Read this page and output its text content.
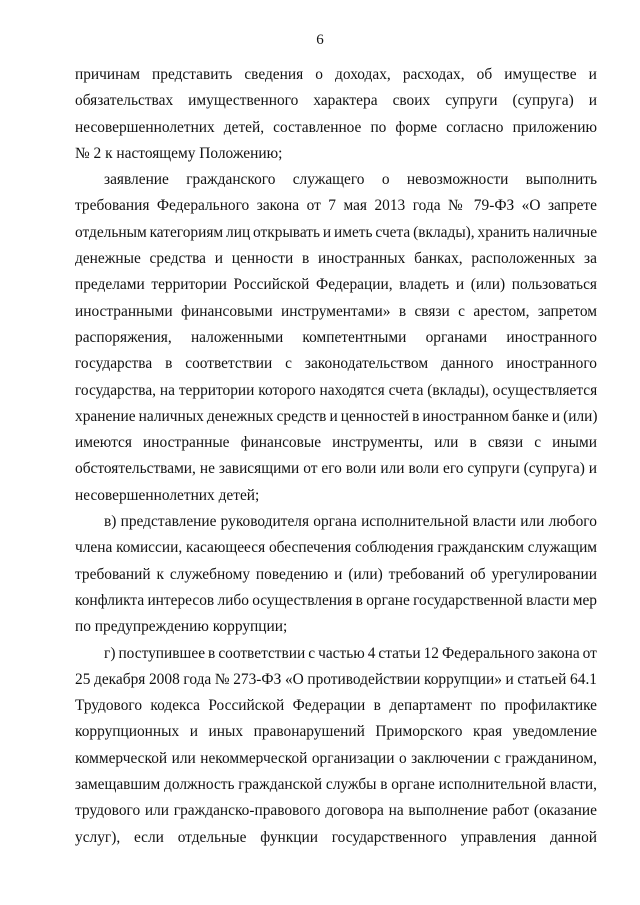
6
причинам представить сведения о доходах, расходах, об имуществе и
обязательствах имущественного характера своих супруги (супруга) и
несовершеннолетних детей, составленное по форме согласно приложению
№ 2 к настоящему Положению;
заявление гражданского служащего о невозможности выполнить
требования Федерального закона от 7 мая 2013 года № 79-ФЗ «О запрете
отдельным категориям лиц открывать и иметь счета (вклады), хранить наличные
денежные средства и ценности в иностранных банках, расположенных за
пределами территории Российской Федерации, владеть и (или) пользоваться
иностранными финансовыми инструментами» в связи с арестом, запретом
распоряжения, наложенными компетентными органами иностранного
государства в соответствии с законодательством данного иностранного
государства, на территории которого находятся счета (вклады), осуществляется
хранение наличных денежных средств и ценностей в иностранном банке и (или)
имеются иностранные финансовые инструменты, или в связи с иными
обстоятельствами, не зависящими от его воли или воли его супруги (супруга) и
несовершеннолетних детей;
в) представление руководителя органа исполнительной власти или любого
члена комиссии, касающееся обеспечения соблюдения гражданским служащим
требований к служебному поведению и (или) требований об урегулировании
конфликта интересов либо осуществления в органе государственной власти мер
по предупреждению коррупции;
г) поступившее в соответствии с частью 4 статьи 12 Федерального закона от
25 декабря 2008 года № 273-ФЗ «О противодействии коррупции» и статьей 64.1
Трудового кодекса Российской Федерации в департамент по профилактике
коррупционных и иных правонарушений Приморского края уведомление
коммерческой или некоммерческой организации о заключении с гражданином,
замещавшим должность гражданской службы в органе исполнительной власти,
трудового или гражданско-правового договора на выполнение работ (оказание
услуг), если отдельные функции государственного управления данной
